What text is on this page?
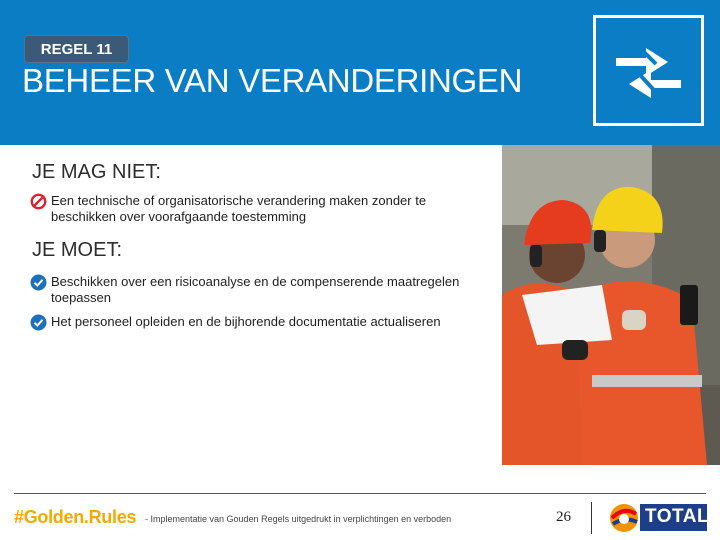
REGEL 11
BEHEER VAN VERANDERINGEN
JE MAG NIET:
Een technische of organisatorische verandering maken zonder te beschikken over voorafgaande toestemming
JE MOET:
Beschikken over een risicoanalyse en de compenserende maatregelen toepassen
Het personeel opleiden en de bijhorende documentatie actualiseren
#Golden.Rules - Implementatie van Gouden Regels uitgedrukt in verplichtingen en verboden	26	TOTAL
